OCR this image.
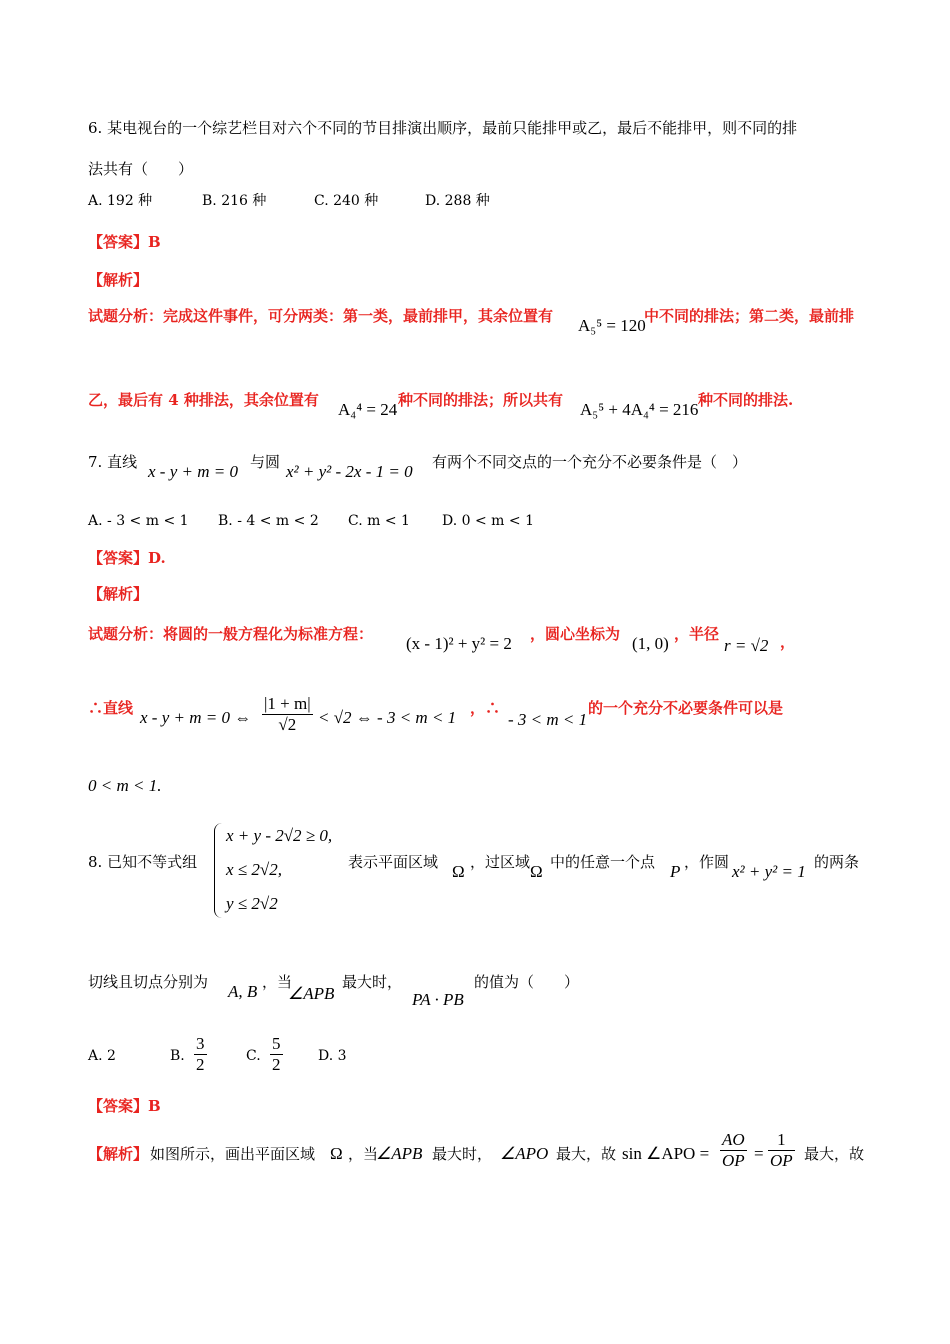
6. 某电视台的一个综艺栏目对六个不同的节目排演出顺序，最前只能排甲或乙，最后不能排甲，则不同的排
法共有（　　）
A. 192 种	B. 216 种	C. 240 种	D. 288 种
【答案】B
【解析】
试题分析：完成这件事件，可分两类：第一类，最前排甲，其余位置有 A₅⁵ = 120
中不同的排法；第二类，最前排
乙，最后有 4 种排法，其余位置有 A₄⁴ = 24 种不同的排法；所以共有 A₅⁵ + 4A₄⁴ = 216 种不同的排法.
7. 直线 x - y + m = 0 与圆 x² + y² - 2x - 1 = 0 有两个不同交点的一个充分不必要条件是（　）
A. - 3 < m < 1 B. - 4 < m < 2 C. m < 1 D. 0 < m < 1
【答案】D.
【解析】
试题分析：将圆的一般方程化为标准方程： (x - 1)² + y² = 2 ，圆心坐标为 (1, 0) ，半径
r = √2 ，
∴直线 x - y + m = 0 ⇔ $\frac{|1 + m|}{√2} < √2$ ⇔ - 3 < m < 1 ，∴
- 3 < m < 1
的一个充分不必要条件可以是
0 < m < 1.
8. 已知不等式组
x + y - 2√2 ≥ 0,
x ≤ 2√2,
y ≤ 2√2
表示平面区域 Ω ，过区域 Ω 中的任意一个点 P ，作圆 x² + y² = 1 的两条
切线且切点分别为 A, B ，当
∠APB
最大时，
PA · PB
的值为（　　）
A. 2	B. $\frac{3}{2}$	C. $\frac{5}{2}$	D. 3
【答案】B
【解析】 如图所示，画出平面区域 Ω ，当
∠APB 最大时， ∠APO 最大，故 sin ∠APO = $\frac{AO}{OP} = \frac{1}{OP}$ 最大，故
